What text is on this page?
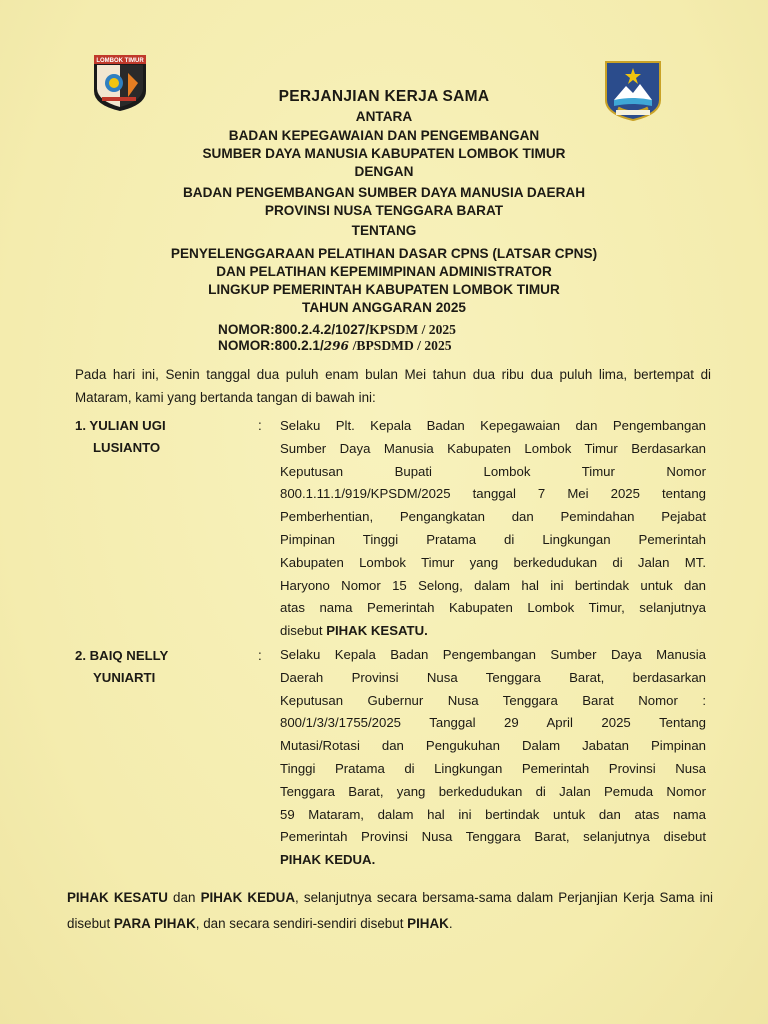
LOMBOK TIMUR
PERJANJIAN KERJA SAMA
ANTARA
BADAN KEPEGAWAIAN DAN PENGEMBANGAN
SUMBER DAYA MANUSIA KABUPATEN LOMBOK TIMUR
DENGAN
BADAN PENGEMBANGAN SUMBER DAYA MANUSIA DAERAH
PROVINSI NUSA TENGGARA BARAT
TENTANG
PENYELENGGARAAN PELATIHAN DASAR CPNS (LATSAR CPNS)
DAN PELATIHAN KEPEMIMPINAN ADMINISTRATOR
LINGKUP PEMERINTAH KABUPATEN LOMBOK TIMUR
TAHUN ANGGARAN 2025
NOMOR:800.2.4.2/1027/KPSDM / 2025
NOMOR:800.2.1/296 /BPSDMD / 2025
Pada hari ini, Senin tanggal dua puluh enam bulan Mei tahun dua ribu dua puluh lima, bertempat di Mataram, kami yang bertanda tangan di bawah ini:
1. YULIAN UGI
LUSIANTO
: Selaku Plt. Kepala Badan Kepegawaian dan Pengembangan
Sumber Daya Manusia Kabupaten Lombok Timur Berdasarkan
Keputusan Bupati Lombok Timur Nomor
800.1.11.1/919/KPSDM/2025 tanggal 7 Mei 2025 tentang
Pemberhentian, Pengangkatan dan Pemindahan Pejabat
Pimpinan Tinggi Pratama di Lingkungan Pemerintah
Kabupaten Lombok Timur yang berkedudukan di Jalan MT.
Haryono Nomor 15 Selong, dalam hal ini bertindak untuk dan
atas nama Pemerintah Kabupaten Lombok Timur, selanjutnya
disebut PIHAK KESATU.
2. BAIQ NELLY
YUNIARTI
: Selaku Kepala Badan Pengembangan Sumber Daya Manusia
Daerah Provinsi Nusa Tenggara Barat, berdasarkan
Keputusan Gubernur Nusa Tenggara Barat Nomor :
800/1/3/3/1755/2025 Tanggal 29 April 2025 Tentang
Mutasi/Rotasi dan Pengukuhan Dalam Jabatan Pimpinan
Tinggi Pratama di Lingkungan Pemerintah Provinsi Nusa
Tenggara Barat, yang berkedudukan di Jalan Pemuda Nomor
59 Mataram, dalam hal ini bertindak untuk dan atas nama
Pemerintah Provinsi Nusa Tenggara Barat, selanjutnya disebut
PIHAK KEDUA.
PIHAK KESATU dan PIHAK KEDUA, selanjutnya secara bersama-sama dalam Perjanjian Kerja Sama ini disebut PARA PIHAK, dan secara sendiri-sendiri disebut PIHAK.
